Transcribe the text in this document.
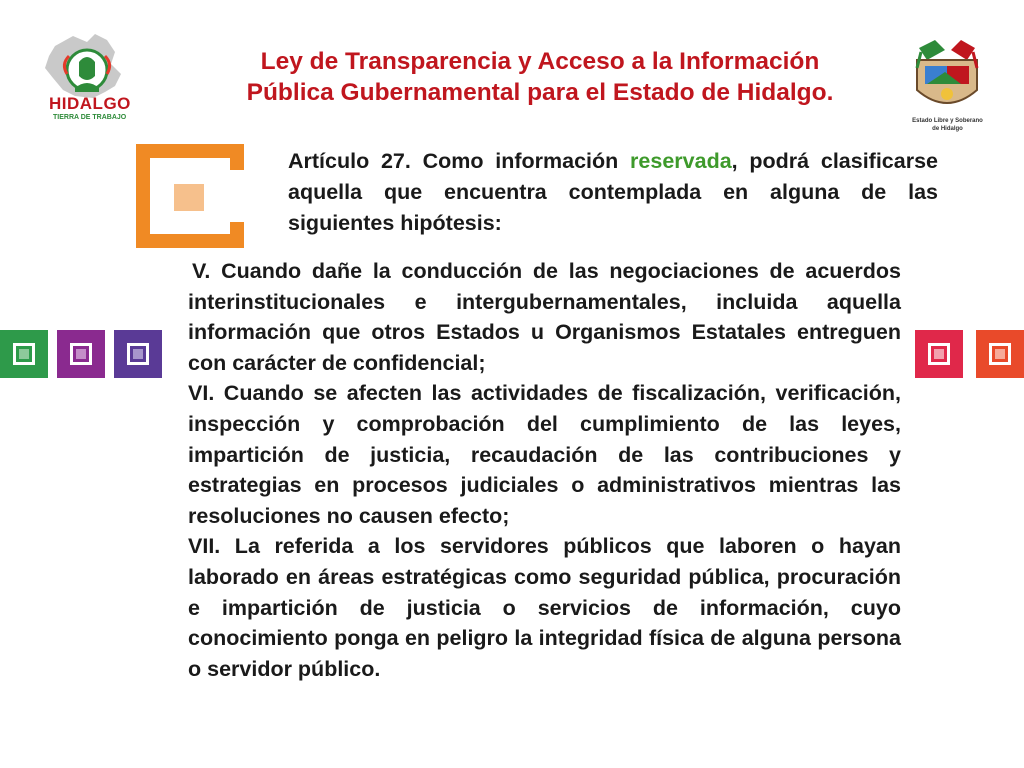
HIDALGO
TIERRA DE TRABAJO	Estado Libre y Soberano
de Hidalgo
Ley de Transparencia y Acceso a la Información
Pública Gubernamental para el Estado de Hidalgo.
Artículo 27. Como información reservada, podrá clasificarse aquella que encuentra contemplada en alguna de las siguientes hipótesis:

V. Cuando dañe la conducción de las negociaciones de acuerdos interinstitucionales e intergubernamentales, incluida aquella información que otros Estados u Organismos Estatales entreguen con carácter de confidencial;

VI. Cuando se afecten las actividades de fiscalización, verificación, inspección y comprobación del cumplimiento de las leyes, impartición de justicia, recaudación de las contribuciones y estrategias en procesos judiciales o administrativos mientras las resoluciones no causen efecto;

VII. La referida a los servidores públicos que laboren o hayan laborado en áreas estratégicas como seguridad pública, procuración e impartición de justicia o servicios de información, cuyo conocimiento ponga en peligro la integridad física de alguna persona o servidor público.
